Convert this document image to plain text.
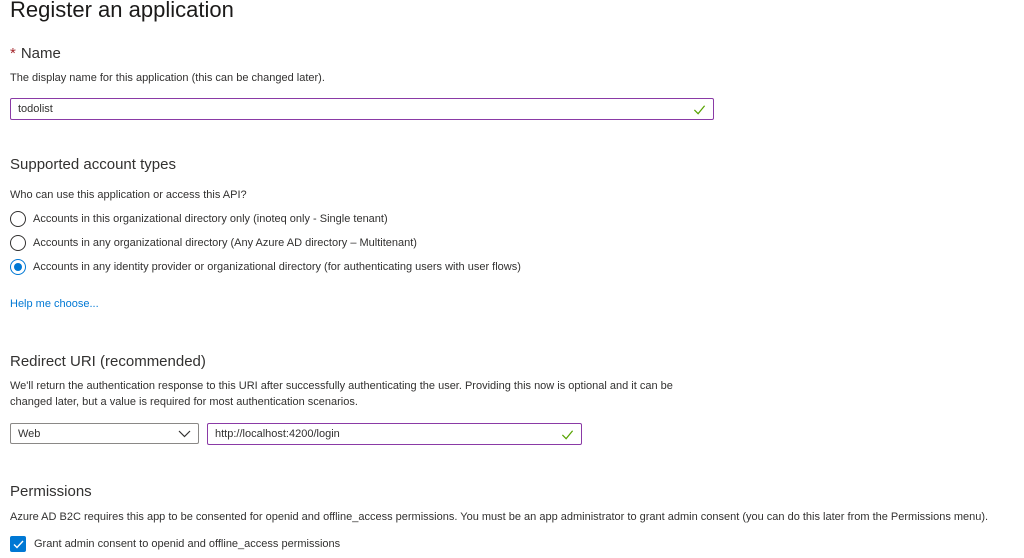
Register an application
* Name
The display name for this application (this can be changed later).
todolist
Supported account types
Who can use this application or access this API?
Accounts in this organizational directory only (inoteq only - Single tenant)
Accounts in any organizational directory (Any Azure AD directory – Multitenant)
Accounts in any identity provider or organizational directory (for authenticating users with user flows)
Help me choose...
Redirect URI (recommended)
We'll return the authentication response to this URI after successfully authenticating the user. Providing this now is optional and it can be
changed later, but a value is required for most authentication scenarios.
Web	http://localhost:4200/login
Permissions
Azure AD B2C requires this app to be consented for openid and offline_access permissions. You must be an app administrator to grant admin consent (you can do this later from the Permissions menu).
Grant admin consent to openid and offline_access permissions
